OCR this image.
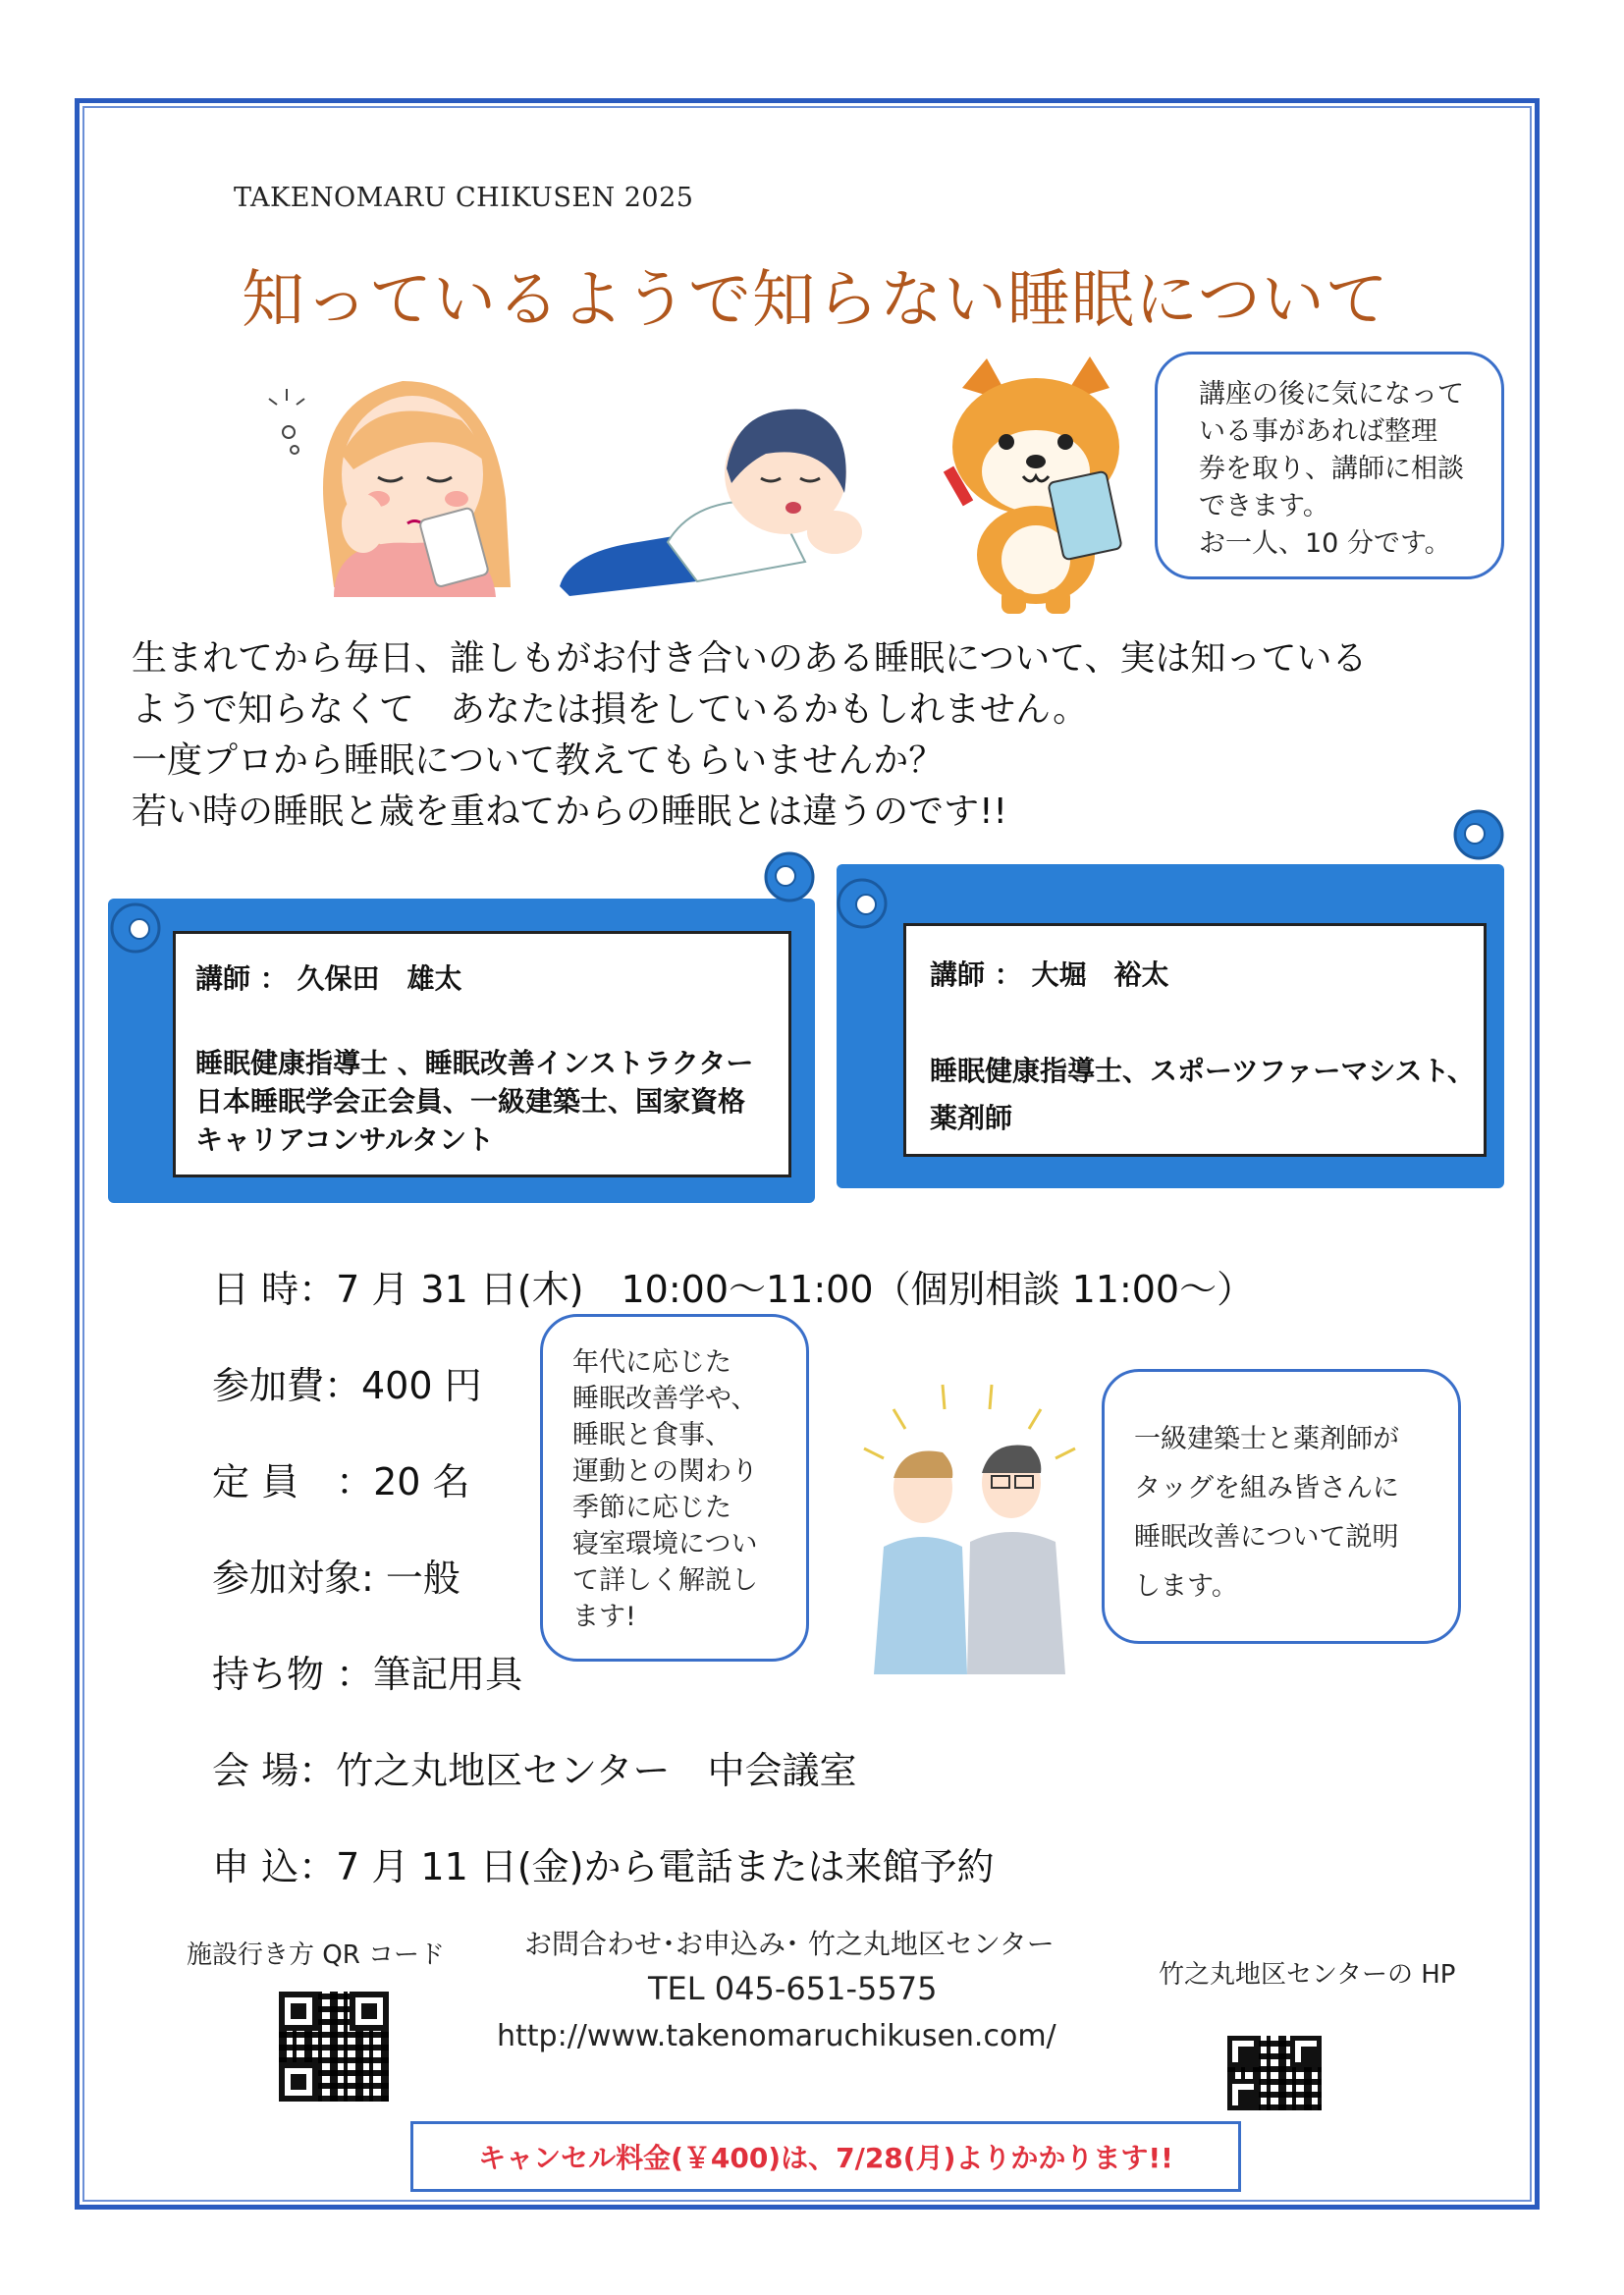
TAKENOMARU CHIKUSEN 2025
知っているようで知らない睡眠について
講座の後に気になって
いる事があれば整理
券を取り、講師に相談
できます。
お一人、10 分です。
生まれてから毎日、誰しもがお付き合いのある睡眠について、実は知っている
ようで知らなくて　あなたは損をしているかもしれません。
一度プロから睡眠について教えてもらいませんか？
若い時の睡眠と歳を重ねてからの睡眠とは違うのです!!
講師 ： 久保田　雄太
睡眠健康指導士 、睡眠改善インストラクター
日本睡眠学会正会員、一級建築士、国家資格
キャリアコンサルタント
講師 ： 大堀　裕太
睡眠健康指導士、スポーツファーマシスト、
薬剤師
日 時：7 月 31 日(木)　10:00～11:00（個別相談 11:00～）
参加費：400 円
定 員　：20 名
参加対象: 一般
持ち物 ：筆記用具
会 場：竹之丸地区センター　中会議室
申 込：7 月 11 日(金)から電話または来館予約
年代に応じた
睡眠改善学や、
睡眠と食事、
運動との関わり
季節に応じた
寝室環境につい
て詳しく解説し
ます!
一級建築士と薬剤師が
タッグを組み皆さんに
睡眠改善について説明
します。
施設行き方 QR コード	お問合わせ･お申込み･ 竹之丸地区センター
TEL 045-651-5575
http://www.takenomaruchikusen.com/
竹之丸地区センターの HP
キャンセル料金(￥400)は、7/28(月)よりかかります!!
